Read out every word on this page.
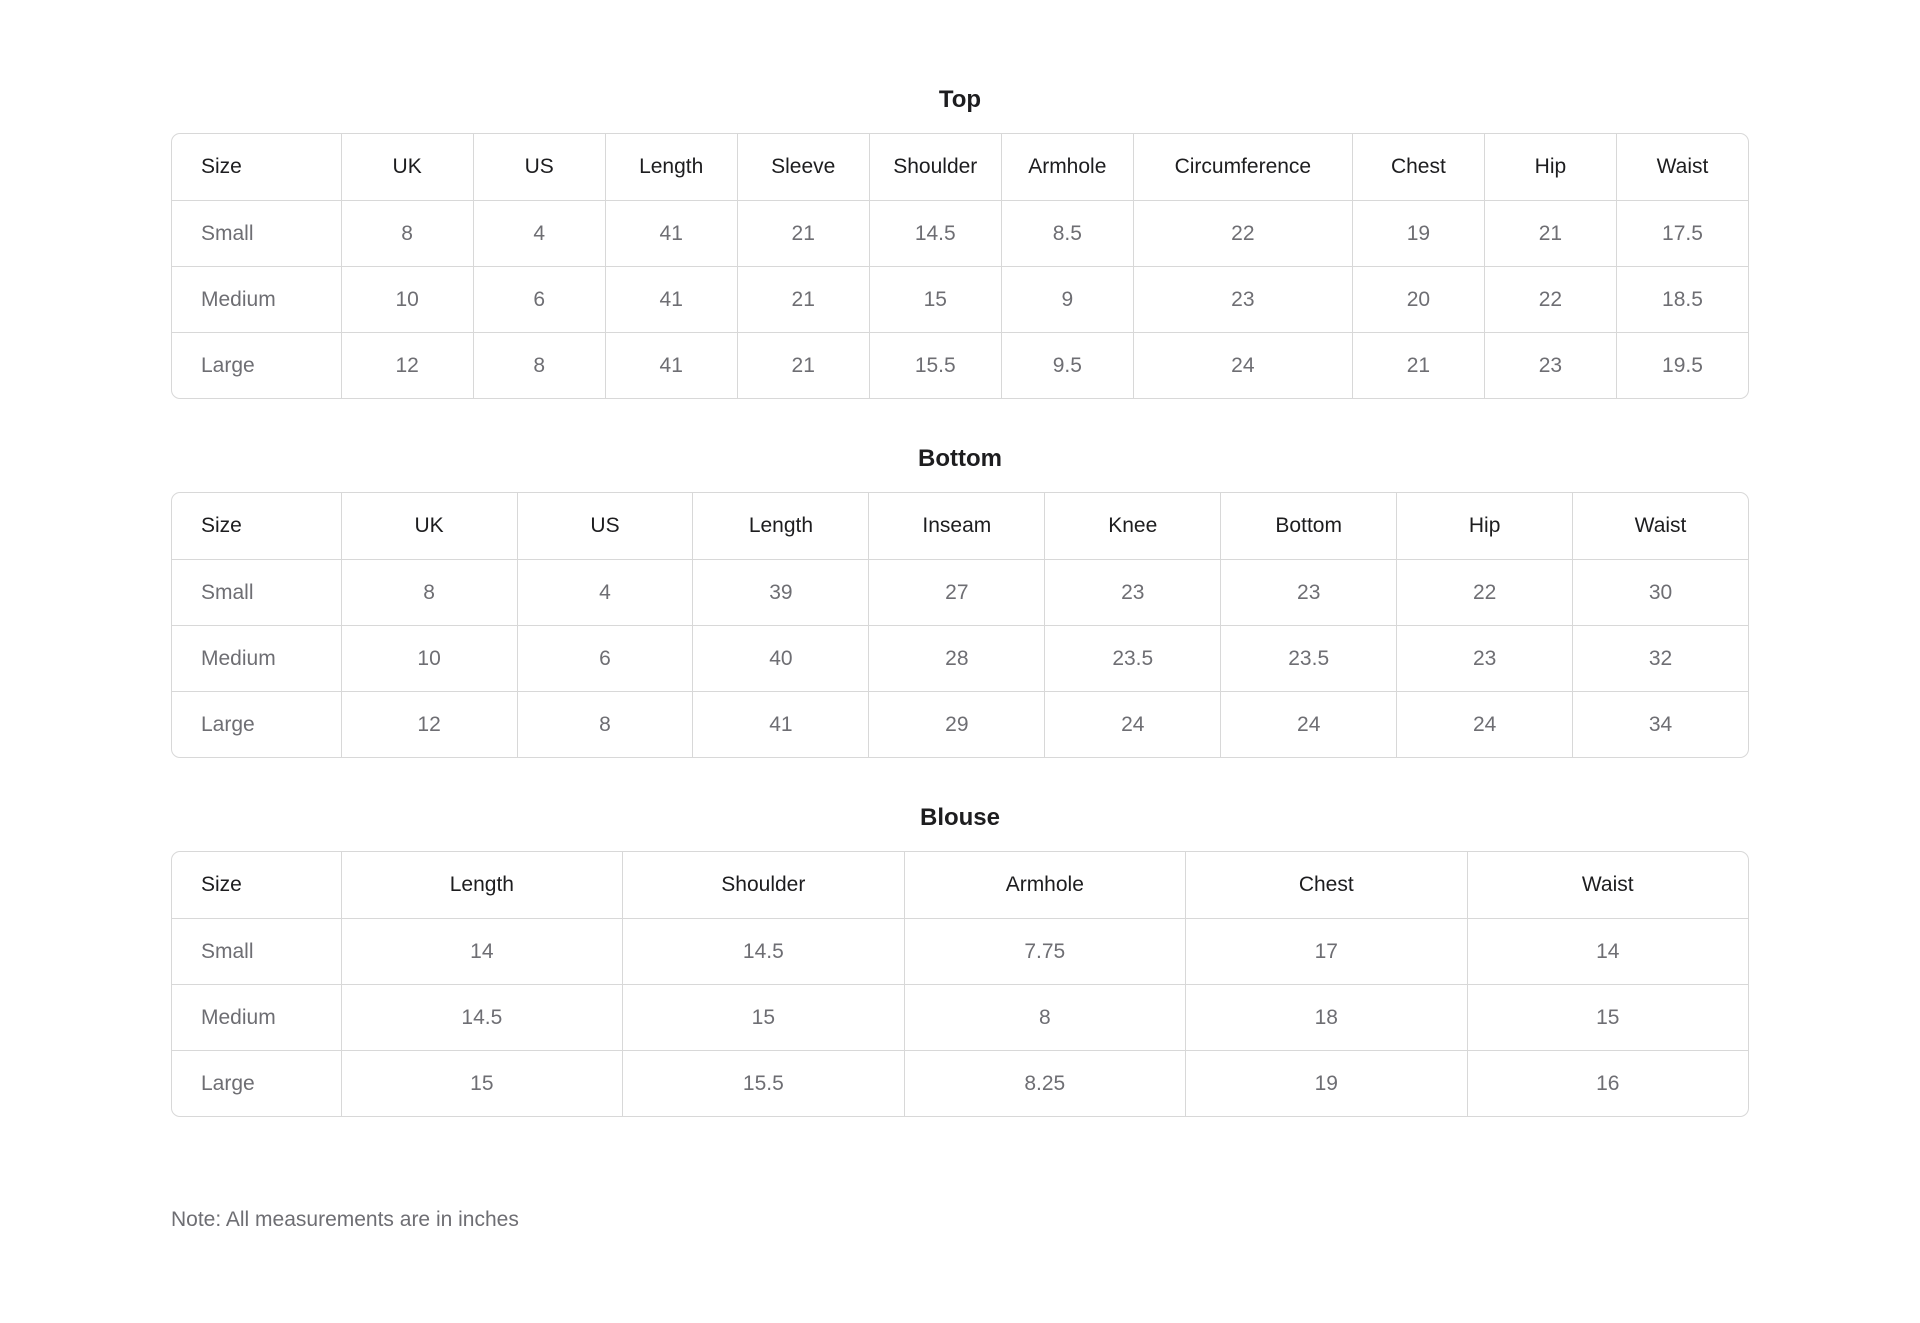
Top
Size	UK	US	Length	Sleeve	Shoulder	Armhole	Circumference	Chest	Hip	Waist
Small	8	4	41	21	14.5	8.5	22	19	21	17.5
Medium	10	6	41	21	15	9	23	20	22	18.5
Large	12	8	41	21	15.5	9.5	24	21	23	19.5
Bottom
Size	UK	US	Length	Inseam	Knee	Bottom	Hip	Waist
Small	8	4	39	27	23	23	22	30
Medium	10	6	40	28	23.5	23.5	23	32
Large	12	8	41	29	24	24	24	34
Blouse
Size	Length	Shoulder	Armhole	Chest	Waist
Small	14	14.5	7.75	17	14
Medium	14.5	15	8	18	15
Large	15	15.5	8.25	19	16

Note: All measurements are in inches
